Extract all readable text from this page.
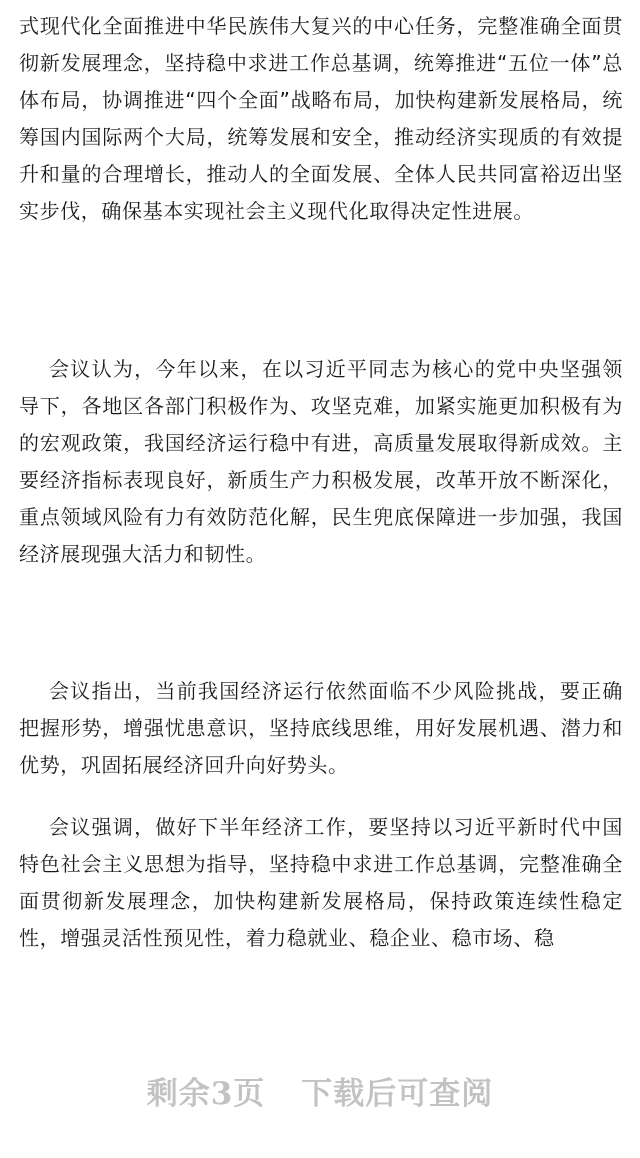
式现代化全面推进中华民族伟大复兴的中心任务，完整准确全面贯彻新发展理念，坚持稳中求进工作总基调，统筹推进“五位一体”总体布局，协调推进“四个全面”战略布局，加快构建新发展格局，统筹国内国际两个大局，统筹发展和安全，推动经济实现质的有效提升和量的合理增长，推动人的全面发展、全体人民共同富裕迈出坚实步伐，确保基本实现社会主义现代化取得决定性进展。

会议认为，今年以来，在以习近平同志为核心的党中央坚强领导下，各地区各部门积极作为、攻坚克难，加紧实施更加积极有为的宏观政策，我国经济运行稳中有进，高质量发展取得新成效。主要经济指标表现良好，新质生产力积极发展，改革开放不断深化，重点领域风险有力有效防范化解，民生兜底保障进一步加强，我国经济展现强大活力和韧性。

会议指出，当前我国经济运行依然面临不少风险挑战，要正确把握形势，增强忧患意识，坚持底线思维，用好发展机遇、潜力和优势，巩固拓展经济回升向好势头。

会议强调，做好下半年经济工作，要坚持以习近平新时代中国特色社会主义思想为指导，坚持稳中求进工作总基调，完整准确全面贯彻新发展理念，加快构建新发展格局，保持政策连续性稳定性，增强灵活性预见性，着力稳就业、稳企业、稳市场、稳

剩余3页 下载后可查阅
